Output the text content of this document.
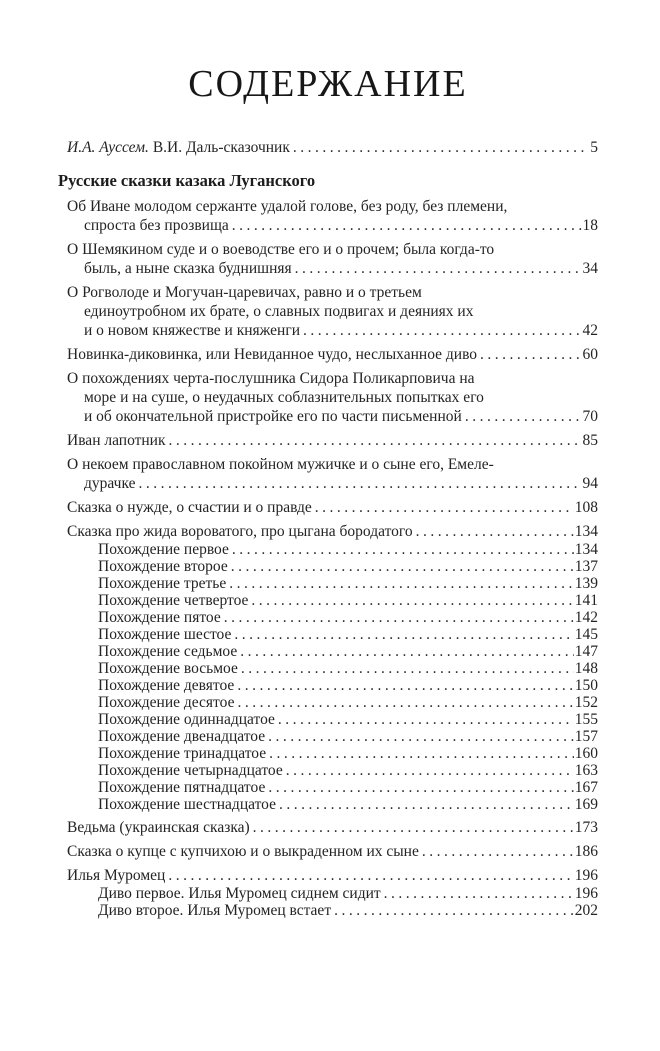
СОДЕРЖАНИЕ
И.А. Ауссем. В.И. Даль-сказочник .....	5
Русские сказки казака Луганского
Об Иване молодом сержанте удалой голове, без роду, без племени,
спроста без прозвища .....	18
О Шемякином суде и о воеводстве его и о прочем; была когда-то
быль, а ныне сказка буднишняя .....	34
О Рогволоде и Могучан-царевичах, равно и о третьем
единоутробном их брате, о славных подвигах и деяниях их
и о новом княжестве и княженги .....	42
Новинка-диковинка, или Невиданное чудо, неслыханное диво .....	60
О похождениях черта-послушника Сидора Поликарповича на
море и на суше, о неудачных соблазнительных попытках его
и об окончательной пристройке его по части письменной .....	70
Иван лапотник .....	85
О некоем православном покойном мужичке и о сыне его, Емеле-
дурачке .....	94
Сказка о нужде, о счастии и о правде .....	108
Сказка про жида вороватого, про цыгана бородатого .....	134
Похождение первое .....	134
Похождение второе .....	137
Похождение третье .....	139
Похождение четвертое .....	141
Похождение пятое .....	142
Похождение шестое .....	145
Похождение седьмое .....	147
Похождение восьмое .....	148
Похождение девятое .....	150
Похождение десятое .....	152
Похождение одиннадцатое .....	155
Похождение двенадцатое .....	157
Похождение тринадцатое .....	160
Похождение четырнадцатое .....	163
Похождение пятнадцатое .....	167
Похождение шестнадцатое .....	169
Ведьма (украинская сказка) .....	173
Сказка о купце с купчихою и о выкраденном их сыне .....	186
Илья Муромец .....	196
Диво первое. Илья Муромец сиднем сидит .....	196
Диво второе. Илья Муромец встает .....	202
